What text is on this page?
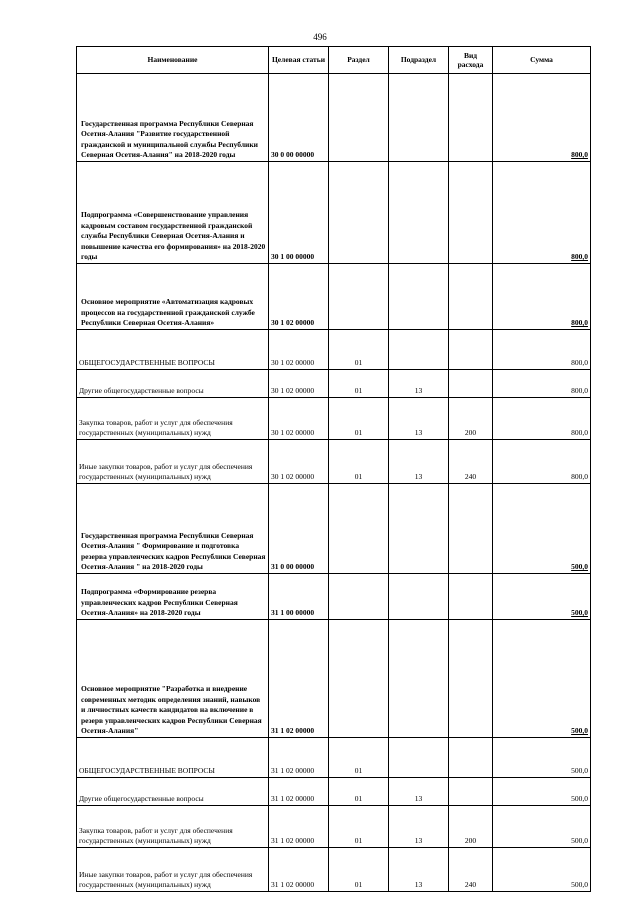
496
Наименование	Целевая статьи	Раздел	Подраздел	Вид расхода	Сумма
Государственная программа Республики Северная Осетия-Алания "Развитие государственной гражданской и муниципальной службы Республики Северная Осетия-Алания" на 2018-2020 годы	30 0 00 00000				800,0
Подпрограмма «Совершенствование управления кадровым составом государственной гражданской службы Республики Северная Осетия-Алания и повышение качества его формирования» на 2018-2020 годы	30 1 00 00000				800,0
Основное мероприятие «Автоматизация кадровых процессов на государственной гражданской службе Республики Северная Осетия-Алания»	30 1 02 00000				800,0
ОБЩЕГОСУДАРСТВЕННЫЕ ВОПРОСЫ	30 1 02 00000	01			800,0
Другие общегосударственные вопросы	30 1 02 00000	01	13		800,0
Закупка товаров, работ и услуг для обеспечения государственных (муниципальных) нужд	30 1 02 00000	01	13	200	800,0
Иные закупки товаров, работ и услуг для обеспечения государственных (муниципальных) нужд	30 1 02 00000	01	13	240	800,0
Государственная программа Республики Северная Осетия-Алания " Формирование и подготовка резерва управленческих кадров Республики Северная Осетия-Алания " на 2018-2020 годы	31 0 00 00000				500,0
Подпрограмма «Формирование резерва управленческих кадров Республики Северная Осетия-Алания» на 2018-2020 годы	31 1 00 00000				500,0
Основное мероприятие "Разработка и внедрение современных методик определения знаний, навыков и личностных качеств кандидатов на включение в резерв управленческих кадров Республики Северная Осетия-Алания"	31 1 02 00000				500,0
ОБЩЕГОСУДАРСТВЕННЫЕ ВОПРОСЫ	31 1 02 00000	01			500,0
Другие общегосударственные вопросы	31 1 02 00000	01	13		500,0
Закупка товаров, работ и услуг для обеспечения государственных (муниципальных) нужд	31 1 02 00000	01	13	200	500,0
Иные закупки товаров, работ и услуг для обеспечения государственных (муниципальных) нужд	31 1 02 00000	01	13	240	500,0
